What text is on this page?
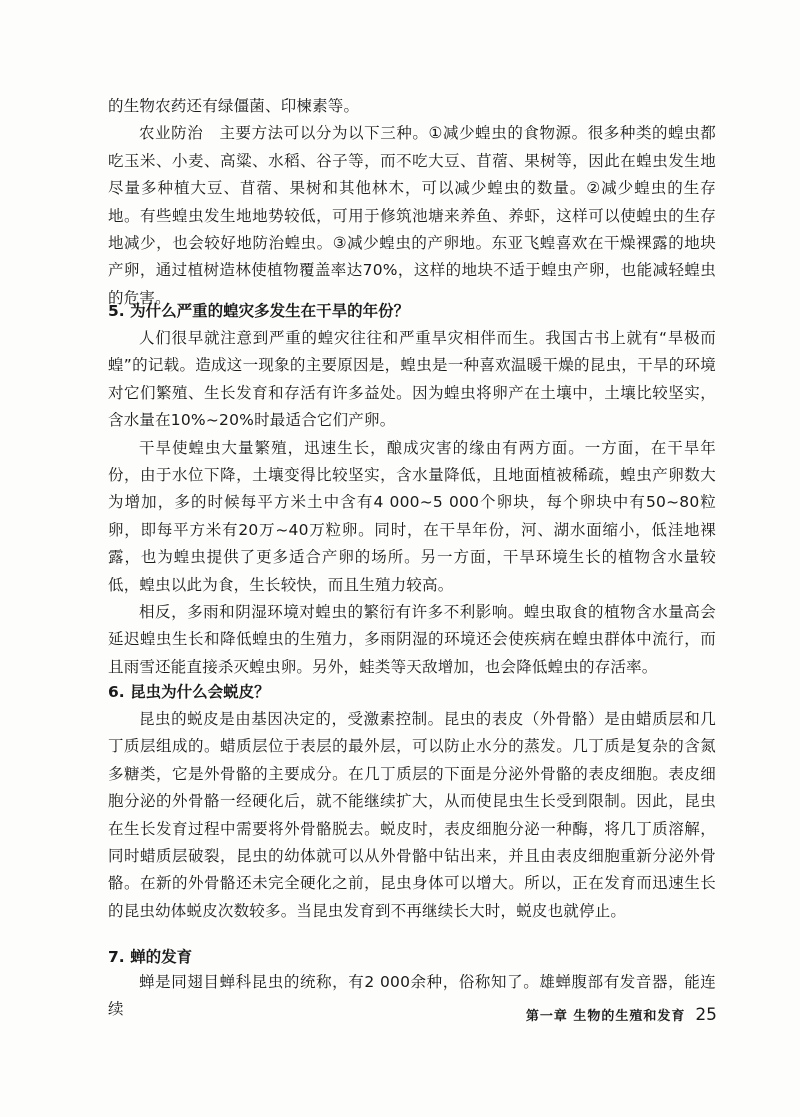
的生物农药还有绿僵菌、印楝素等。

农业防治　 主要方法可以分为以下三种。①减少蝗虫的食物源。很多种类的蝗虫都吃玉米、小麦、高粱、水稻、谷子等，而不吃大豆、苜蓿、果树等，因此在蝗虫发生地尽量多种植大豆、苜蓿、果树和其他林木，可以减少蝗虫的数量。②减少蝗虫的生存地。有些蝗虫发生地地势较低，可用于修筑池塘来养鱼、养虾，这样可以使蝗虫的生存地减少，也会较好地防治蝗虫。③减少蝗虫的产卵地。东亚飞蝗喜欢在干燥裸露的地块产卵，通过植树造林使植物覆盖率达70%，这样的地块不适于蝗虫产卵，也能减轻蝗虫的危害。

5. 为什么严重的蝗灾多发生在干旱的年份？

人们很早就注意到严重的蝗灾往往和严重旱灾相伴而生。我国古书上就有“旱极而蝗”的记载。造成这一现象的主要原因是，蝗虫是一种喜欢温暖干燥的昆虫，干旱的环境对它们繁殖、生长发育和存活有许多益处。因为蝗虫将卵产在土壤中，土壤比较坚实，含水量在10%~20%时最适合它们产卵。

干旱使蝗虫大量繁殖，迅速生长，酿成灾害的缘由有两方面。一方面，在干旱年份，由于水位下降，土壤变得比较坚实，含水量降低，且地面植被稀疏，蝗虫产卵数大为增加，多的时候每平方米土中含有4 000~5 000个卵块，每个卵块中有50~80粒卵，即每平方米有20万~40万粒卵。同时，在干旱年份，河、湖水面缩小，低洼地裸露，也为蝗虫提供了更多适合产卵的场所。另一方面，干旱环境生长的植物含水量较低，蝗虫以此为食，生长较快，而且生殖力较高。

相反，多雨和阴湿环境对蝗虫的繁衍有许多不利影响。蝗虫取食的植物含水量高会延迟蝗虫生长和降低蝗虫的生殖力，多雨阴湿的环境还会使疾病在蝗虫群体中流行，而且雨雪还能直接杀灭蝗虫卵。另外，蛙类等天敌增加，也会降低蝗虫的存活率。

6. 昆虫为什么会蜕皮？

昆虫的蜕皮是由基因决定的，受激素控制。昆虫的表皮（外骨骼）是由蜡质层和几丁质层组成的。蜡质层位于表层的最外层，可以防止水分的蒸发。几丁质是复杂的含氮多糖类，它是外骨骼的主要成分。在几丁质层的下面是分泌外骨骼的表皮细胞。表皮细胞分泌的外骨骼一经硬化后，就不能继续扩大，从而使昆虫生长受到限制。因此，昆虫在生长发育过程中需要将外骨骼脱去。蜕皮时，表皮细胞分泌一种酶，将几丁质溶解，同时蜡质层破裂，昆虫的幼体就可以从外骨骼中钻出来，并且由表皮细胞重新分泌外骨骼。在新的外骨骼还未完全硬化之前，昆虫身体可以增大。所以，正在发育而迅速生长的昆虫幼体蜕皮次数较多。当昆虫发育到不再继续长大时，蜕皮也就停止。

7. 蝉的发育

蝉是同翅目蝉科昆虫的统称，有2 000余种，俗称知了。雄蝉腹部有发音器，能连续	第一章 生物的生殖和发育 25
